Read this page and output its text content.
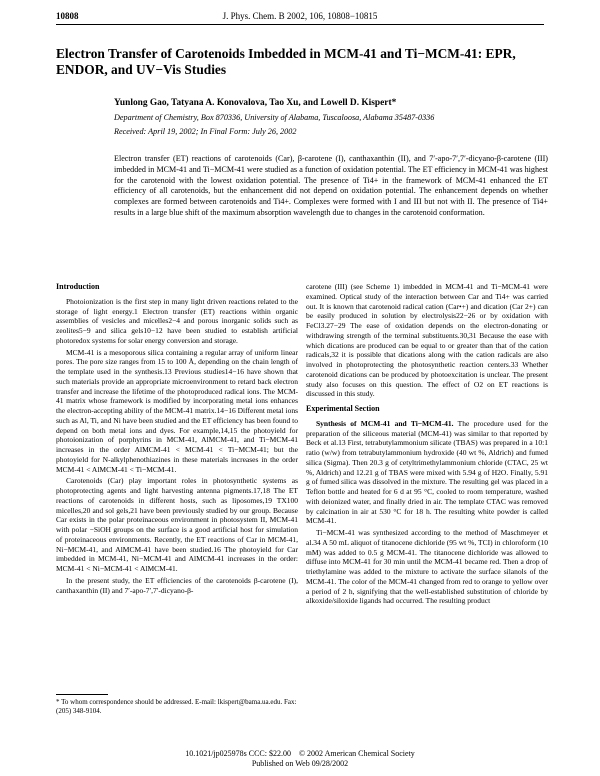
10808	J. Phys. Chem. B 2002, 106, 10808−10815
Electron Transfer of Carotenoids Imbedded in MCM-41 and Ti−MCM-41: EPR, ENDOR, and UV−Vis Studies
Yunlong Gao, Tatyana A. Konovalova, Tao Xu, and Lowell D. Kispert*
Department of Chemistry, Box 870336, University of Alabama, Tuscaloosa, Alabama 35487-0336
Received: April 19, 2002; In Final Form: July 26, 2002
Electron transfer (ET) reactions of carotenoids (Car), β-carotene (I), canthaxanthin (II), and 7′-apo-7′,7′-dicyano-β-carotene (III) imbedded in MCM-41 and Ti−MCM-41 were studied as a function of oxidation potential. The ET efficiency in MCM-41 was highest for the carotenoid with the lowest oxidation potential. The presence of Ti4+ in the framework of MCM-41 enhanced the ET efficiency of all carotenoids, but the enhancement did not depend on oxidation potential. The enhancement depends on whether complexes are formed between carotenoids and Ti4+. Complexes were formed with I and III but not with II. The presence of Ti4+ results in a large blue shift of the maximum absorption wavelength due to changes in the carotenoid conformation.
Introduction

Photoionization is the first step in many light driven reactions related to the storage of light energy.1 Electron transfer (ET) reactions within organic assemblies of vesicles and micelles2−4 and porous inorganic solids such as zeolites5−9 and silica gels10−12 have been studied to establish artificial photoredox systems for solar energy conversion and storage.

MCM-41 is a mesoporous silica containing a regular array of uniform linear pores. The pore size ranges from 15 to 100 Å, depending on the chain length of the template used in the synthesis.13 Previous studies14−16 have shown that such materials provide an appropriate microenvironment to retard back electron transfer and increase the lifetime of the photoproduced radical ions. The MCM-41 matrix whose framework is modified by incorporating metal ions enhances the electron-accepting ability of the MCM-41 matrix.14−16 Different metal ions such as Al, Ti, and Ni have been studied and the ET efficiency has been found to depend on both metal ions and dyes. For example,14,15 the photoyield for photoionization of porphyrins in MCM-41, AlMCM-41, and Ti−MCM-41 increases in the order AlMCM-41 < MCM-41 < Ti−MCM-41; but the photoyield for N-alkylphenothiazines in these materials increases in the order MCM-41 < AlMCM-41 < Ti−MCM-41.

Carotenoids (Car) play important roles in photosynthetic systems as photoprotecting agents and light harvesting antenna pigments.17,18 The ET reactions of carotenoids in different hosts, such as liposomes,19 TX100 micelles,20 and sol gels,21 have been previously studied by our group. Because Car exists in the polar proteinaceous environment in photosystem II, MCM-41 with polar −SiOH groups on the surface is a good artificial host for simulation of proteinaceous environments. Recently, the ET reactions of Car in MCM-41, Ni−MCM-41, and AlMCM-41 have been studied.16 The photoyield for Car imbedded in MCM-41, Ni−MCM-41 and AlMCM-41 increases in the order: MCM-41 < Ni−MCM-41 < AlMCM-41.

In the present study, the ET efficiencies of the carotenoids β-carotene (I), canthaxanthin (II) and 7′-apo-7′,7′-dicyano-β-

* To whom correspondence should be addressed. E-mail: lkispert@bama.ua.edu. Fax: (205) 348-9104.

carotene (III) (see Scheme 1) imbedded in MCM-41 and Ti−MCM-41 were examined. Optical study of the interaction between Car and Ti4+ was carried out. It is known that carotenoid radical cation (Car•+) and dication (Car 2+) can be easily produced in solution by electrolysis22−26 or by oxidation with FeCl3.27−29 The ease of oxidation depends on the electron-donating or withdrawing strength of the terminal substituents.30,31 Because the ease with which dications are produced can be equal to or greater than that of the cation radicals,32 it is possible that dications along with the cation radicals are also involved in photoprotecting the photosynthetic reaction centers.33 Whether carotenoid dications can be produced by photoexcitation is unclear. The present study also focuses on this question. The effect of O2 on ET reactions is discussed in this study.

Experimental Section

Synthesis of MCM-41 and Ti−MCM-41. The procedure used for the preparation of the siliceous material (MCM-41) was similar to that reported by Beck et al.13 First, tetrabutylammonium silicate (TBAS) was prepared in a 10:1 ratio (w/w) from tetrabutylammonium hydroxide (40 wt %, Aldrich) and fumed silica (Sigma). Then 20.3 g of cetyltrimethylammonium chloride (CTAC, 25 wt %, Aldrich) and 12.21 g of TBAS were mixed with 5.94 g of H2O. Finally, 5.91 g of fumed silica was dissolved in the mixture. The resulting gel was placed in a Teflon bottle and heated for 6 d at 95 °C, cooled to room temperature, washed with deionized water, and finally dried in air. The template CTAC was removed by calcination in air at 530 °C for 18 h. The resulting white powder is called MCM-41.

Ti−MCM-41 was synthesized according to the method of Maschmeyer et al.34 A 50 mL aliquot of titanocene dichloride (95 wt %, TCI) in chloroform (10 mM) was added to 0.5 g MCM-41. The titanocene dichloride was allowed to diffuse into MCM-41 for 30 min until the MCM-41 became red. Then a drop of triethylamine was added to the mixture to activate the surface silanols of the MCM-41. The color of the MCM-41 changed from red to orange to yellow over a period of 2 h, signifying that the well-established substitution of chloride by alkoxide/siloxide ligands had occurred. The resulting product

10.1021/jp025978s CCC: $22.00    © 2002 American Chemical Society
Published on Web 09/28/2002
